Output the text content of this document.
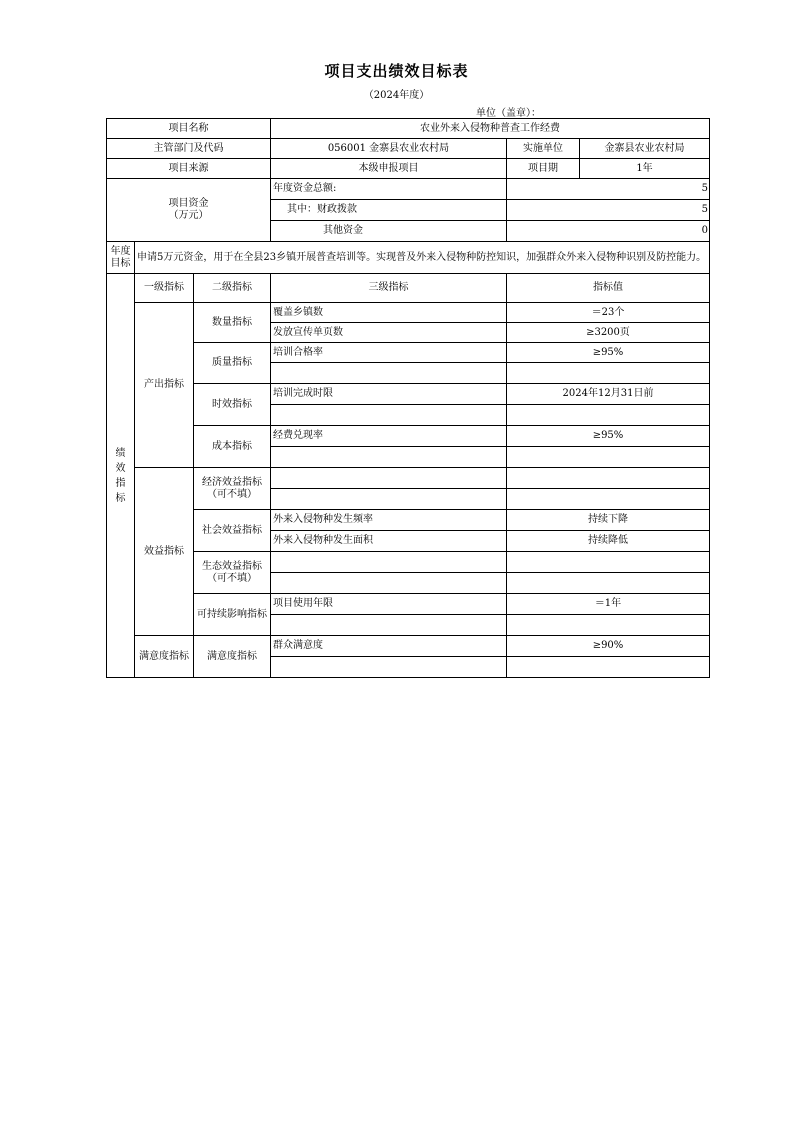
项目支出绩效目标表
（2024年度）
单位（盖章）：
项目名称			农业外来入侵物种普查工作经费		
主管部门及代码			056001 金寨县农业农村局	实施单位	金寨县农业农村局
项目来源			本级申报项目	项目期	1年

项目资金
（万元）			年度资金总额:	5	
			其中：财政拨款	5	
			其他资金	0	
年度目标	申请5万元资金，用于在全县23乡镇开展普查培训等。实现普及外来入侵物种防控知识，加强群众外来入侵物种识别及防控能力。				

绩效指标	一级指标	二级指标	三级指标	指标值	
	产出指标	数量指标	覆盖乡镇数	＝23个	
			发放宣传单页数	≥3200页	
		质量指标	培训合格率	≥95%	

		时效指标	培训完成时限	2024年12月31日前	

		成本指标	经费兑现率	≥95%	

	效益指标	经济效益指标
（可不填）			

		社会效益指标	外来入侵物种发生频率	持续下降	
			外来入侵物种发生面积	持续降低	

		生态效益指标
（可不填）			

		可持续影响指标	项目使用年限	＝1年	

	满意度指标	满意度指标	群众满意度	≥90%	
